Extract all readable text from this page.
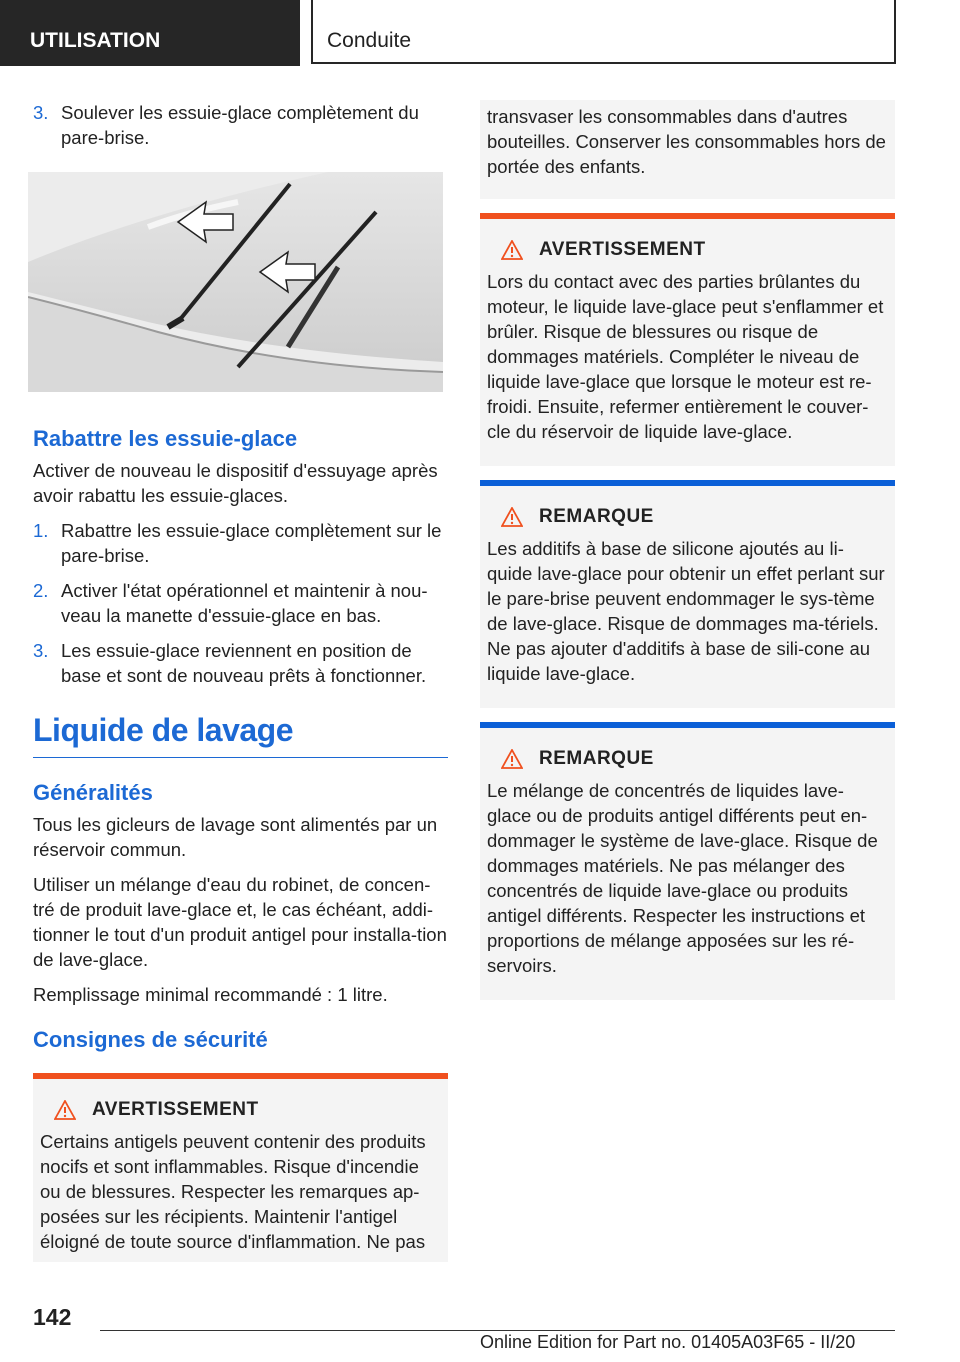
UTILISATION	Conduite
3. Soulever les essuie-glace complètement du pare-brise.
Rabattre les essuie-glace
Activer de nouveau le dispositif d'essuyage après avoir rabattu les essuie-glaces.
1. Rabattre les essuie-glace complètement sur le pare-brise.
2. Activer l'état opérationnel et maintenir à nou-veau la manette d'essuie-glace en bas.
3. Les essuie-glace reviennent en position de base et sont de nouveau prêts à fonctionner.
Liquide de lavage
Généralités
Tous les gicleurs de lavage sont alimentés par un réservoir commun.
Utiliser un mélange d'eau du robinet, de concen-tré de produit lave-glace et, le cas échéant, addi-tionner le tout d'un produit antigel pour installa-tion de lave-glace.
Remplissage minimal recommandé : 1 litre.
Consignes de sécurité
AVERTISSEMENT
Certains antigels peuvent contenir des produits nocifs et sont inflammables. Risque d'incendie ou de blessures. Respecter les remarques ap-posées sur les récipients. Maintenir l'antigel éloigné de toute source d'inflammation. Ne pas
transvaser les consommables dans d'autres bouteilles. Conserver les consommables hors de portée des enfants.
AVERTISSEMENT
Lors du contact avec des parties brûlantes du moteur, le liquide lave-glace peut s'enflammer et brûler. Risque de blessures ou risque de dommages matériels. Compléter le niveau de liquide lave-glace que lorsque le moteur est re-froidi. Ensuite, refermer entièrement le couver-cle du réservoir de liquide lave-glace.
REMARQUE
Les additifs à base de silicone ajoutés au li-quide lave-glace pour obtenir un effet perlant sur le pare-brise peuvent endommager le sys-tème de lave-glace. Risque de dommages ma-tériels. Ne pas ajouter d'additifs à base de sili-cone au liquide lave-glace.
REMARQUE
Le mélange de concentrés de liquides lave-glace ou de produits antigel différents peut en-dommager le système de lave-glace. Risque de dommages matériels. Ne pas mélanger des concentrés de liquide lave-glace ou produits antigel différents. Respecter les instructions et proportions de mélange apposées sur les ré-servoirs.
142
Online Edition for Part no. 01405A03F65 - II/20
